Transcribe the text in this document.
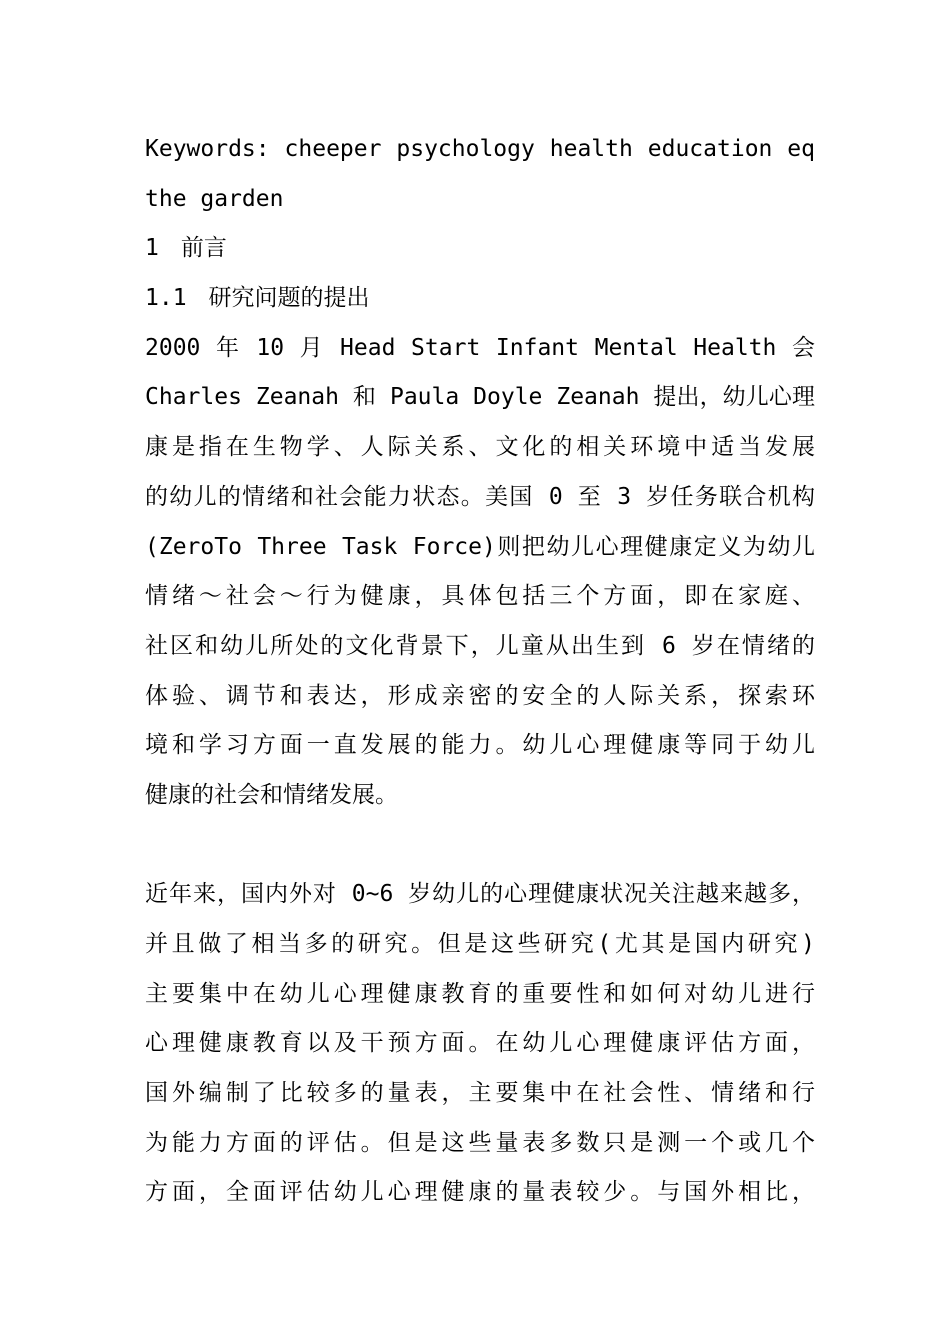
Keywords: cheeper psychology health education eq
the garden
1 前言
1.1 研究问题的提出
2000 年 10 月 Head Start Infant Mental Health 会
Charles Zeanah 和 Paula Doyle Zeanah 提出，幼儿心理
康是指在生物学、人际关系、文化的相关环境中适当发展
的幼儿的情绪和社会能力状态。美国 0 至 3 岁任务联合机构
(ZeroTo Three Task Force)则把幼儿心理健康定义为幼儿
情绪～社会～行为健康，具体包括三个方面，即在家庭、
社区和幼儿所处的文化背景下，儿童从出生到 6 岁在情绪的
体验、调节和表达，形成亲密的安全的人际关系，探索环
境和学习方面一直发展的能力。幼儿心理健康等同于幼儿
健康的社会和情绪发展。
近年来，国内外对 0~6 岁幼儿的心理健康状况关注越来越多，
并且做了相当多的研究。但是这些研究(尤其是国内研究)
主要集中在幼儿心理健康教育的重要性和如何对幼儿进行
心理健康教育以及干预方面。在幼儿心理健康评估方面，
国外编制了比较多的量表，主要集中在社会性、情绪和行
为能力方面的评估。但是这些量表多数只是测一个或几个
方面，全面评估幼儿心理健康的量表较少。与国外相比，
